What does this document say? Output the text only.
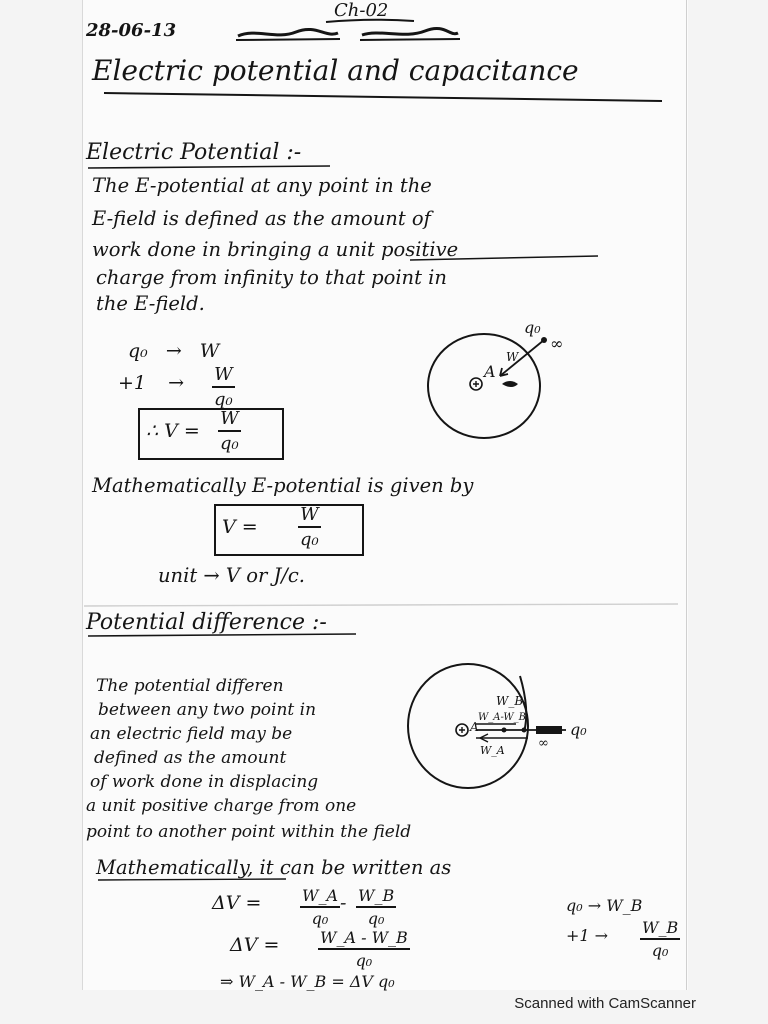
Ch-02
28-06-13
Electric potential and capacitance
Electric Potential :-
The E-potential at any point in the
E-field is defined as the amount of
work done in bringing a unit positive
charge from infinity to that point in
the E-field.
q₀ → W
+1 →	W
q₀
∴ V =
W
q₀
q₀
∞
W
A
Mathematically E-potential is given by
V =
W
q₀
unit → V or J/c.
Potential difference :-
The potential differen
between any two point in
an electric field may be
defined as the amount
of work done in displacing
a unit positive charge from one
point to another point within the field
W_B
W_A-W_B
W_A
A	q₀
∞
Mathematically, it can be written as
ΔV =	W_A
q₀
- W_B
q₀
ΔV =	W_A - W_B
q₀
⇒ W_A - W_B = ΔV q₀
q₀ → W_B
+1 → W_B
q₀
Scanned with CamScanner
